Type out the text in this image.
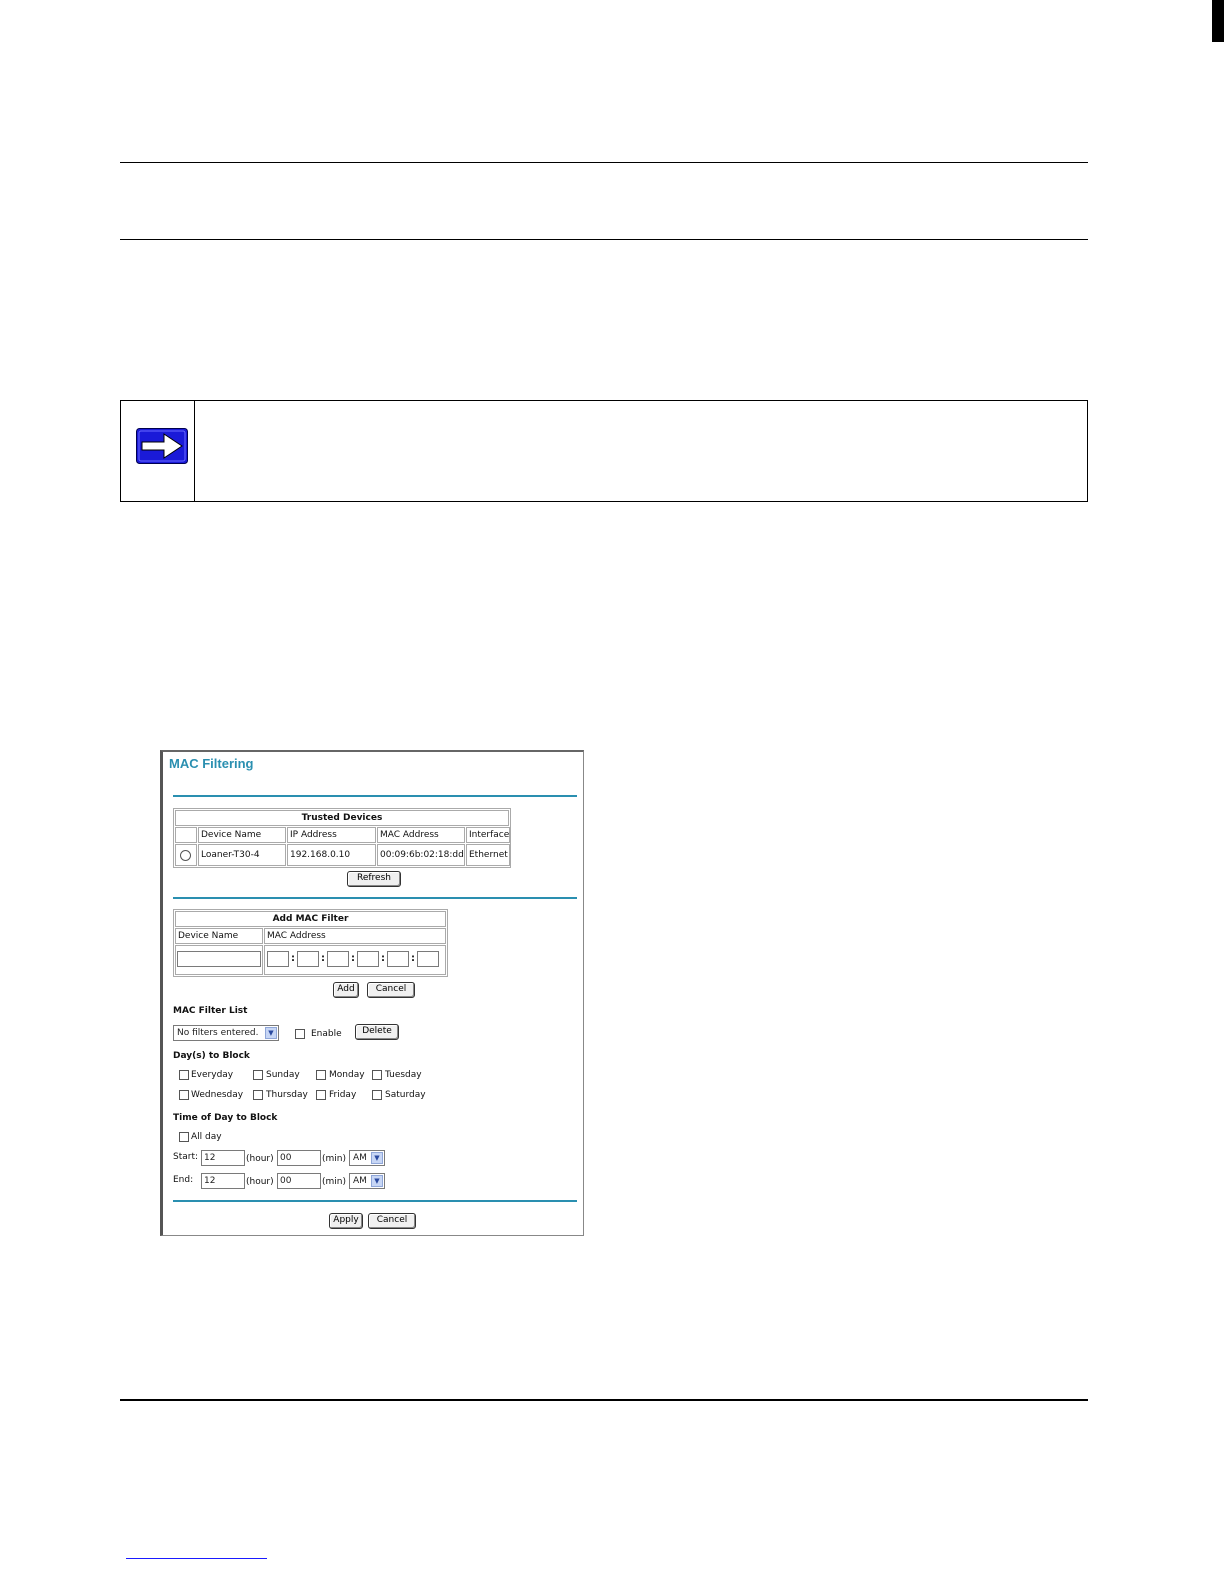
MAC Filtering
Trusted Devices
Device Name	IP Address	MAC Address	Interface
Loaner-T30-4	192.168.0.10	00:09:6b:02:18:dd Ethernet
Refresh
Add MAC Filter
Device Name	MAC Address
:	:	:	:	:
Add	Cancel
MAC Filter List
No filters entered.	▼	Enable	Delete
Day(s) to Block
Everyday	Sunday	Monday Tuesday
Wednesday	Thursday Friday	Saturday
Time of Day to Block
All day
Start: 12	(hour) 00	(min) AM	▼
End:	12	(hour) 00	(min) AM	▼
Apply	Cancel
